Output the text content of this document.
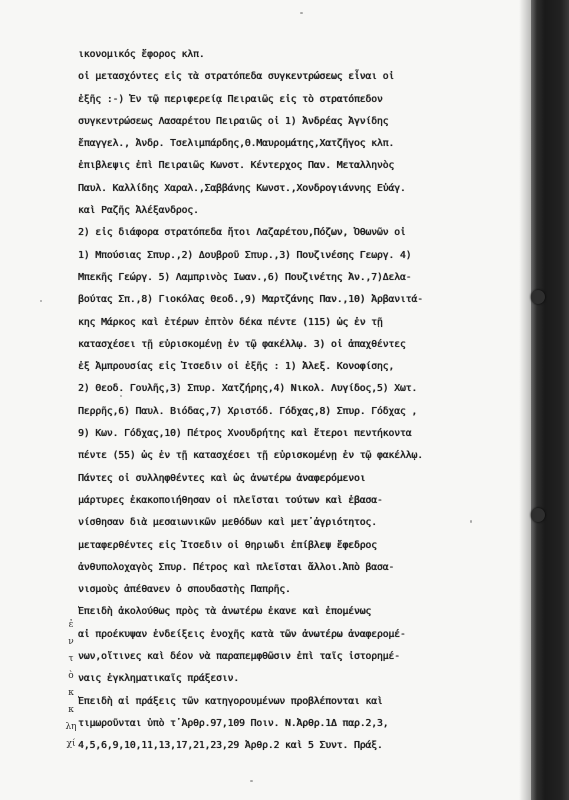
ικονομικός ἔφορος κλπ.
οἱ μετασχόντες εἰς τὰ στρατόπεδα συγκεντρώσεως εἶναι οἱ
ἑξῆς :-) Ἐν τῷ περιφερείᾳ Πειραιῶς εἰς τὸ στρατόπεδον
συγκεντρώσεως Λασαρέτου Πειραιῶς οἱ 1) Ἀνδρέας Ἀγνίδης
ἔπαγγελ., Ἀνδρ. Τσελιμπάρδης,Θ.Μαυρομάτης,Χατζῆγος κλπ.
ἐπιβλεψις ἐπὶ Πειραιῶς Κωνστ. Κέντερχος Παν. Μεταλληνὸς
Παυλ. Καλλίδης Χαραλ.,Σαββάνης Κωνστ.,Χονδρογιάννης Εὐάγ.
καὶ Ραζῆς Ἀλέξανδρος.
2) εἰς διάφορα στρατόπεδα ἤτοι Λαζαρέτου,Πόζων, Ὀθωνῶν οἱ
1) Μπούσιας Σπυρ.,2) Δουβροῦ Σπυρ.,3) Πουζινέσης Γεωργ. 4)
Μπεκῆς Γεώργ. 5) Λαμπρινὸς Ιωαν.,6) Πουζινέτης Ἀν.,7)Δελα-
βούτας Σπ.,8) Γιοκόλας Θεοδ.,9) Μαρτζάνης Παν.,10) Ἀρβανιτά-
κης Μάρκος καὶ ἑτέρων ἑπτὸν δέκα πέντε (115) ὡς ἐν τῇ
κατασχέσει τῇ εὑρισκομένῃ ἐν τῷ φακέλλῳ. 3) οἱ ἀπαχθέντες
ἐξ Ἀμπρουσίας εἰς Ἰτσεδιν οἱ ἑξῆς : 1) Ἀλεξ. Κονοφίσης,
2) Θεοδ. Γουλῆς,3) Σπυρ. Χατζήρης,4) Νικολ. Λυγίδος,5) Χωτ.
Περρῆς,6) Παυλ. Βιόδας,7) Χριστόδ. Γόδχας,8) Σπυρ. Γόδχας ,
9) Κων. Γόδχας,10) Πέτρος Χνουδρήτης καὶ ἕτεροι πεντήκοντα
πέντε (55) ὡς ἐν τῇ κατασχέσει τῇ εὑρισκομένῃ ἐν τῷ φακέλλῳ.
Πάντες οἱ συλληφθέντες καὶ ὡς ἀνωτέρω ἀναφερόμενοι
μάρτυρες ἐκακοποιήθησαν οἱ πλεῖσται τούτων καὶ ἐβασα-
νίσθησαν διὰ μεσαιωνικῶν μεθόδων καὶ μετ᾽ἀγριότητος.
μεταφερθέντες εἰς Ἰτσεδιν οἱ θηριωδι ἐπίβλεψ ἔφεδρος
ἀνθυπολοχαγὸς Σπυρ. Πέτρος καὶ πλεῖσται ἄλλοι.Ἀπὸ βασα-
νισμοὺς ἀπέθανεν ὁ σπουδαστὴς Παπρῆς.
Ἐπειδὴ ἀκολούθως πρὸς τὰ ἀνωτέρω ἐκανε καὶ ἐπομένως
αἱ προέκυψαν ἐνδείξεις ἐνοχῆς κατὰ τῶν ἀνωτέρω ἀναφερομέ-
νων,οἵτινες καὶ δέον νὰ παραπεμφθῶσιν ἐπὶ ταῖς ἰστορημέ-
ναις ἐγκληματικαῖς πράξεσιν.
Ἐπειδὴ αἱ πράξεις τῶν κατηγορουμένων προβλέπονται καὶ
τιμωροῦνται ὑπὸ τ᾽Ἀρθρ.97,109 Ποιν. Ν.Ἀρθρ.1Δ παρ.2,3,
4,5,6,9,10,11,13,17,21,23,29 Ἀρθρ.2 καὶ 5 Συντ. Πράξ.
ἐ
ν
τ
ὸ
κ
κ
λη
χί
